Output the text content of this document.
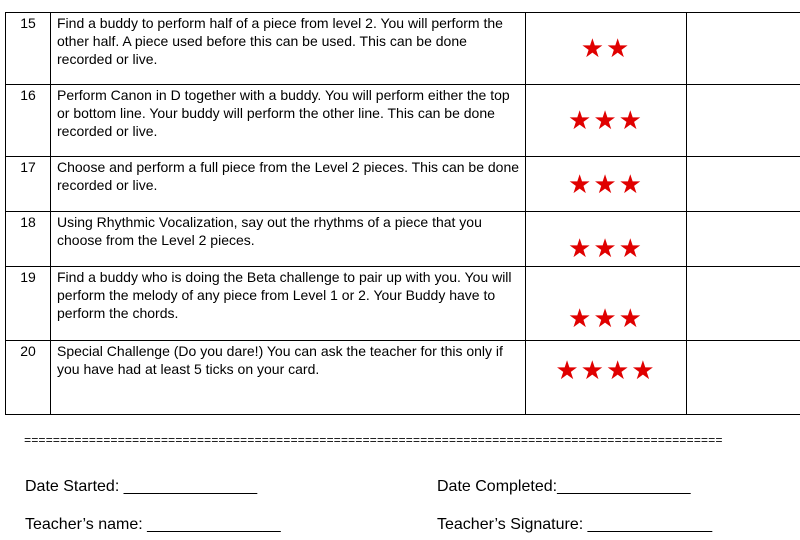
15	Find a buddy to perform half of a piece from level 2. You will perform the other half. A piece used before this can be used. This can be done recorded or live.	★★	

16	Perform Canon in D together with a buddy. You will perform either the top or bottom line. Your buddy will perform the other line. This can be done recorded or live.	★★★	

17	Choose and perform a full piece from the Level 2 pieces. This can be done recorded or live.	★★★	

18	Using Rhythmic Vocalization, say out the rhythms of a piece that you choose from the Level 2 pieces.	★★★	

19	Find a buddy who is doing the Beta challenge to pair up with you. You will perform the melody of any piece from Level 1 or 2. Your Buddy have to perform the chords.	★★★	

20	Special Challenge (Do you dare!) You can ask the teacher for this only if you have had at least 5 ticks on your card.	★★★★	

=================================================================================================
Date Started: _______________	Date Completed:_______________
Teacher’s name: _______________	Teacher’s Signature: ______________
